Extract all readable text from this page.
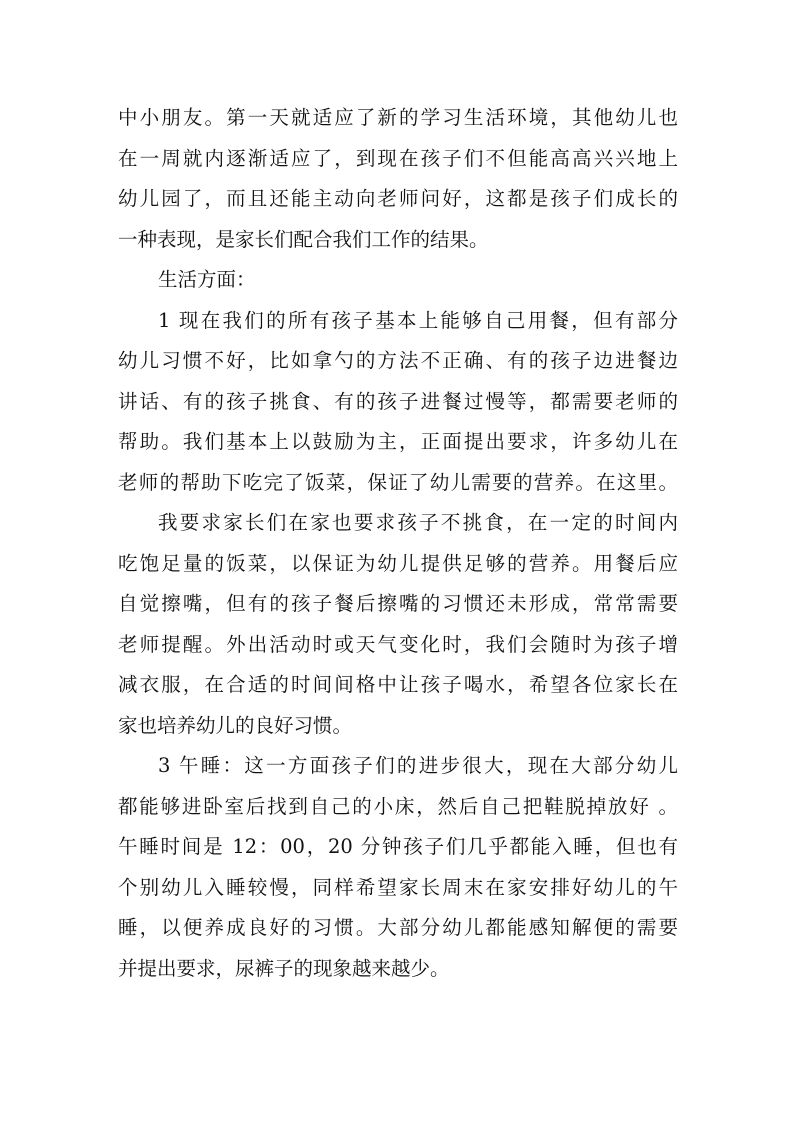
中小朋友。第一天就适应了新的学习生活环境，其他幼儿也
在一周就内逐渐适应了，到现在孩子们不但能高高兴兴地上
幼儿园了，而且还能主动向老师问好，这都是孩子们成长的
一种表现，是家长们配合我们工作的结果。
生活方面：
1 现在我们的所有孩子基本上能够自己用餐，但有部分
幼儿习惯不好，比如拿勺的方法不正确、有的孩子边进餐边
讲话、有的孩子挑食、有的孩子进餐过慢等，都需要老师的
帮助。我们基本上以鼓励为主，正面提出要求，许多幼儿在
老师的帮助下吃完了饭菜，保证了幼儿需要的营养。在这里。
我要求家长们在家也要求孩子不挑食，在一定的时间内
吃饱足量的饭菜，以保证为幼儿提供足够的营养。用餐后应
自觉擦嘴，但有的孩子餐后擦嘴的习惯还未形成，常常需要
老师提醒。外出活动时或天气变化时，我们会随时为孩子增
减衣服，在合适的时间间格中让孩子喝水，希望各位家长在
家也培养幼儿的良好习惯。
3 午睡：这一方面孩子们的进步很大，现在大部分幼儿
都能够进卧室后找到自己的小床，然后自己把鞋脱掉放好 。
午睡时间是 12：00，20 分钟孩子们几乎都能入睡，但也有
个别幼儿入睡较慢，同样希望家长周末在家安排好幼儿的午
睡，以便养成良好的习惯。大部分幼儿都能感知解便的需要
并提出要求，尿裤子的现象越来越少。
